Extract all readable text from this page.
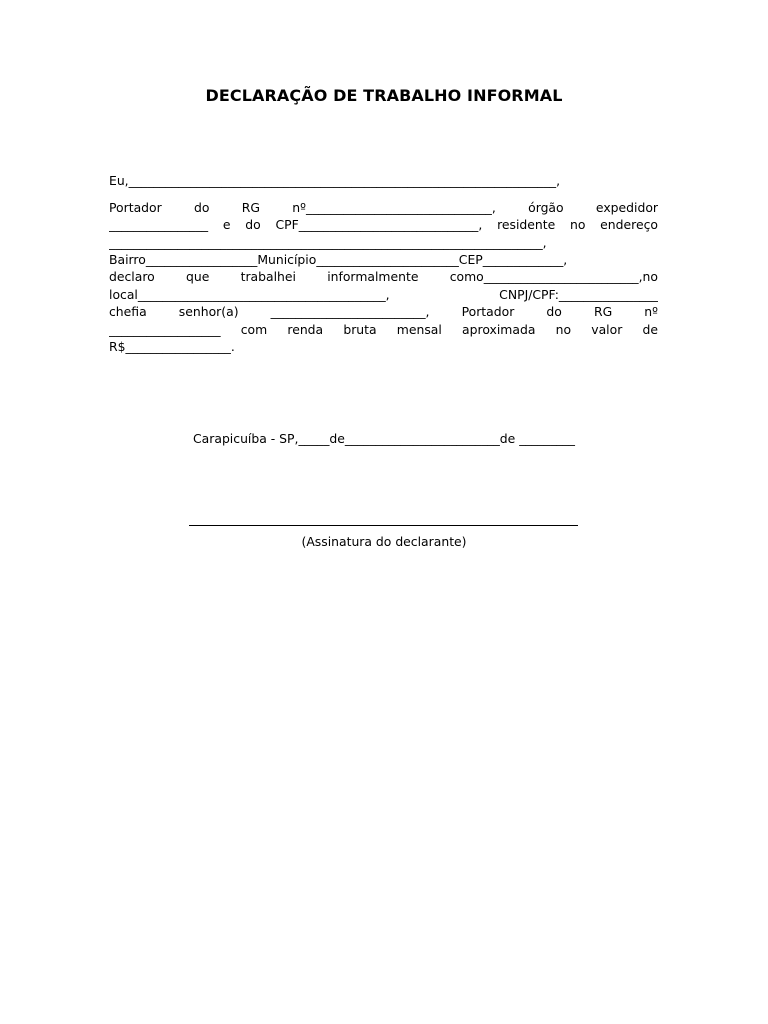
DECLARAÇÃO DE TRABALHO INFORMAL
Eu,_____________________________________________________________________,
Portador do RG nº______________________________, órgão expedidor
________________ e do CPF_____________________________, residente no endereço
______________________________________________________________________,
Bairro__________________Município_______________________CEP_____________,
declaro que trabalhei informalmente como_________________________,no
local________________________________________, CNPJ/CPF:________________
chefia senhor(a) _________________________, Portador do RG nº
__________________ com renda bruta mensal aproximada no valor de
R$_________________.
Carapicuíba - SP,_____de_________________________de _________
(Assinatura do declarante)
